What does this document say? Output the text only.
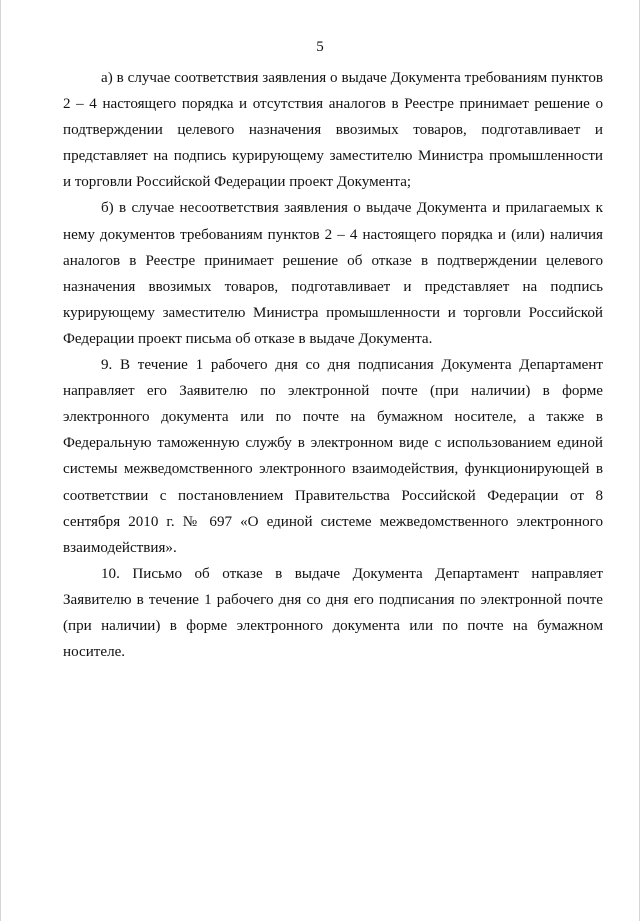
5

а) в случае соответствия заявления о выдаче Документа требованиям пунктов 2 – 4 настоящего порядка и отсутствия аналогов в Реестре принимает решение о подтверждении целевого назначения ввозимых товаров, подготавливает и представляет на подпись курирующему заместителю Министра промышленности и торговли Российской Федерации проект Документа;

б) в случае несоответствия заявления о выдаче Документа и прилагаемых к нему документов требованиям пунктов 2 – 4 настоящего порядка и (или) наличия аналогов в Реестре принимает решение об отказе в подтверждении целевого назначения ввозимых товаров, подготавливает и представляет на подпись курирующему заместителю Министра промышленности и торговли Российской Федерации проект письма об отказе в выдаче Документа.

9. В течение 1 рабочего дня со дня подписания Документа Департамент направляет его Заявителю по электронной почте (при наличии) в форме электронного документа или по почте на бумажном носителе, а также в Федеральную таможенную службу в электронном виде с использованием единой системы межведомственного электронного взаимодействия, функционирующей в соответствии с постановлением Правительства Российской Федерации от 8 сентября 2010 г. № 697 «О единой системе межведомственного электронного взаимодействия».

10. Письмо об отказе в выдаче Документа Департамент направляет Заявителю в течение 1 рабочего дня со дня его подписания по электронной почте (при наличии) в форме электронного документа или по почте на бумажном носителе.
